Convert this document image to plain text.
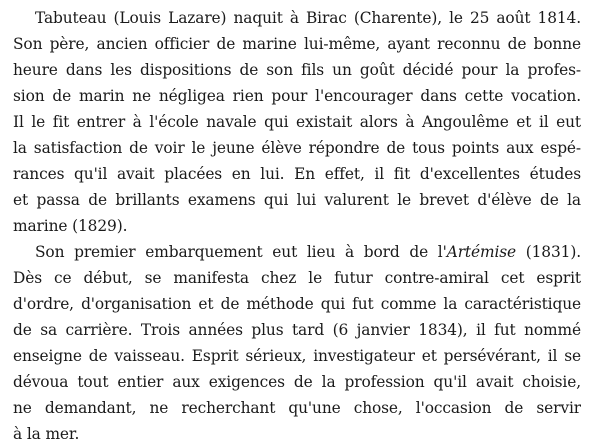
Tabuteau (Louis Lazare) naquit à Birac (Charente), le 25 août 1814.
Son père, ancien officier de marine lui-même, ayant reconnu de bonne
heure dans les dispositions de son fils un goût décidé pour la profes-
sion de marin ne négligea rien pour l'encourager dans cette vocation.
Il le fit entrer à l'école navale qui existait alors à Angoulême et il eut
la satisfaction de voir le jeune élève répondre de tous points aux espé-
rances qu'il avait placées en lui. En effet, il fit d'excellentes études
et passa de brillants examens qui lui valurent le brevet d'élève de la
marine (1829).

Son premier embarquement eut lieu à bord de l'Artémise (1831).
Dès ce début, se manifesta chez le futur contre-amiral cet esprit
d'ordre, d'organisation et de méthode qui fut comme la caractéristique
de sa carrière. Trois années plus tard (6 janvier 1834), il fut nommé
enseigne de vaisseau. Esprit sérieux, investigateur et persévérant, il se
dévoua tout entier aux exigences de la profession qu'il avait choisie,
ne demandant, ne recherchant qu'une chose, l'occasion de servir
à la mer.
